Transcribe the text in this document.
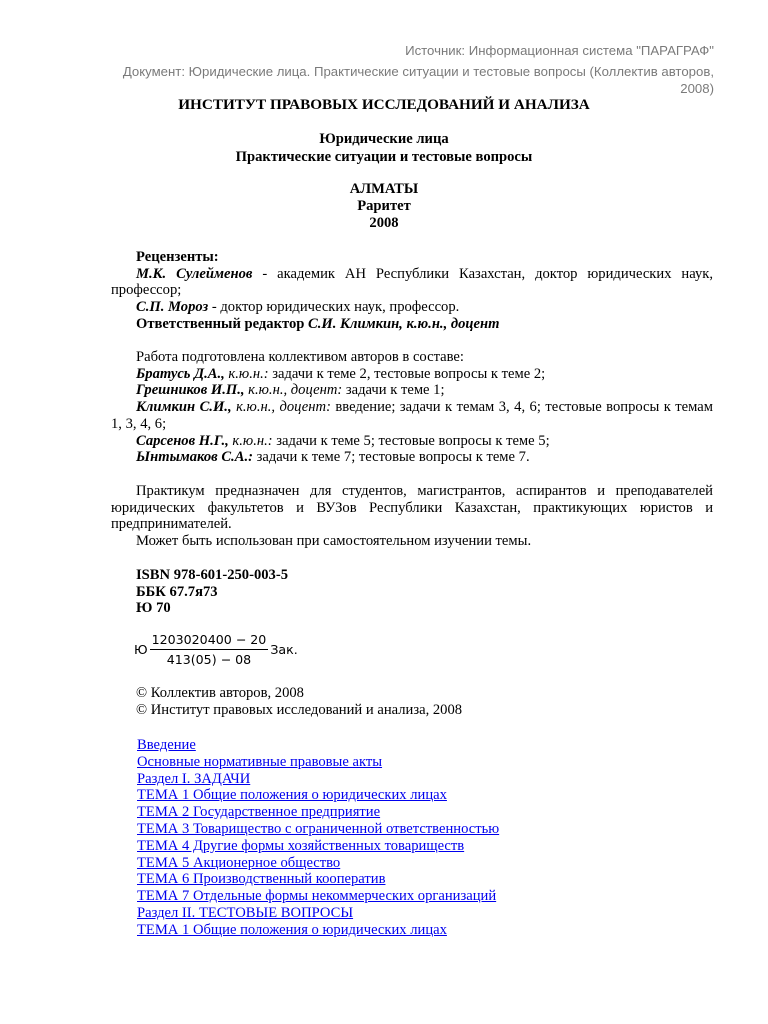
Источник: Информационная система "ПАРАГРАФ"
Документ: Юридические лица. Практические ситуации и тестовые вопросы (Коллектив авторов, 2008)
ИНСТИТУТ ПРАВОВЫХ ИССЛЕДОВАНИЙ И АНАЛИЗА
Юридические лица
Практические ситуации и тестовые вопросы
АЛМАТЫ
Раритет
2008

Рецензенты:

М.К. Сулейменов - академик АН Республики Казахстан, доктор юридических наук, профессор;

С.П. Мороз - доктор юридических наук, профессор.

Ответственный редактор С.И. Климкин, к.ю.н., доцент

Работа подготовлена коллективом авторов в составе:

Братусь Д.А., к.ю.н.: задачи к теме 2, тестовые вопросы к теме 2;

Грешников И.П., к.ю.н., доцент: задачи к теме 1;

Климкин С.И., к.ю.н., доцент: введение; задачи к темам 3, 4, 6; тестовые вопросы к темам 1, 3, 4, 6;

Сарсенов Н.Г., к.ю.н.: задачи к теме 5; тестовые вопросы к теме 5;

Ынтымаков С.А.: задачи к теме 7; тестовые вопросы к теме 7.

Практикум предназначен для студентов, магистрантов, аспирантов и преподавателей юридических факультетов и ВУЗов Республики Казахстан, практикующих юристов и предпринимателей.

Может быть использован при самостоятельном изучении темы.

ISBN 978-601-250-003-5

ББК 67.7я73

Ю 70

Ю $\frac{1203020400 - 20}{413(05) - 08}$ Зак.

© Коллектив авторов, 2008

© Институт правовых исследований и анализа, 2008

Введение
Основные нормативные правовые акты
Раздел I. ЗАДАЧИ
ТЕМА 1 Общие положения о юридических лицах
ТЕМА 2 Государственное предприятие
ТЕМА 3 Товарищество с ограниченной ответственностью
ТЕМА 4 Другие формы хозяйственных товариществ
ТЕМА 5 Акционерное общество
ТЕМА 6 Производственный кооператив
ТЕМА 7 Отдельные формы некоммерческих организаций
Раздел II. ТЕСТОВЫЕ ВОПРОСЫ
ТЕМА 1 Общие положения о юридических лицах
